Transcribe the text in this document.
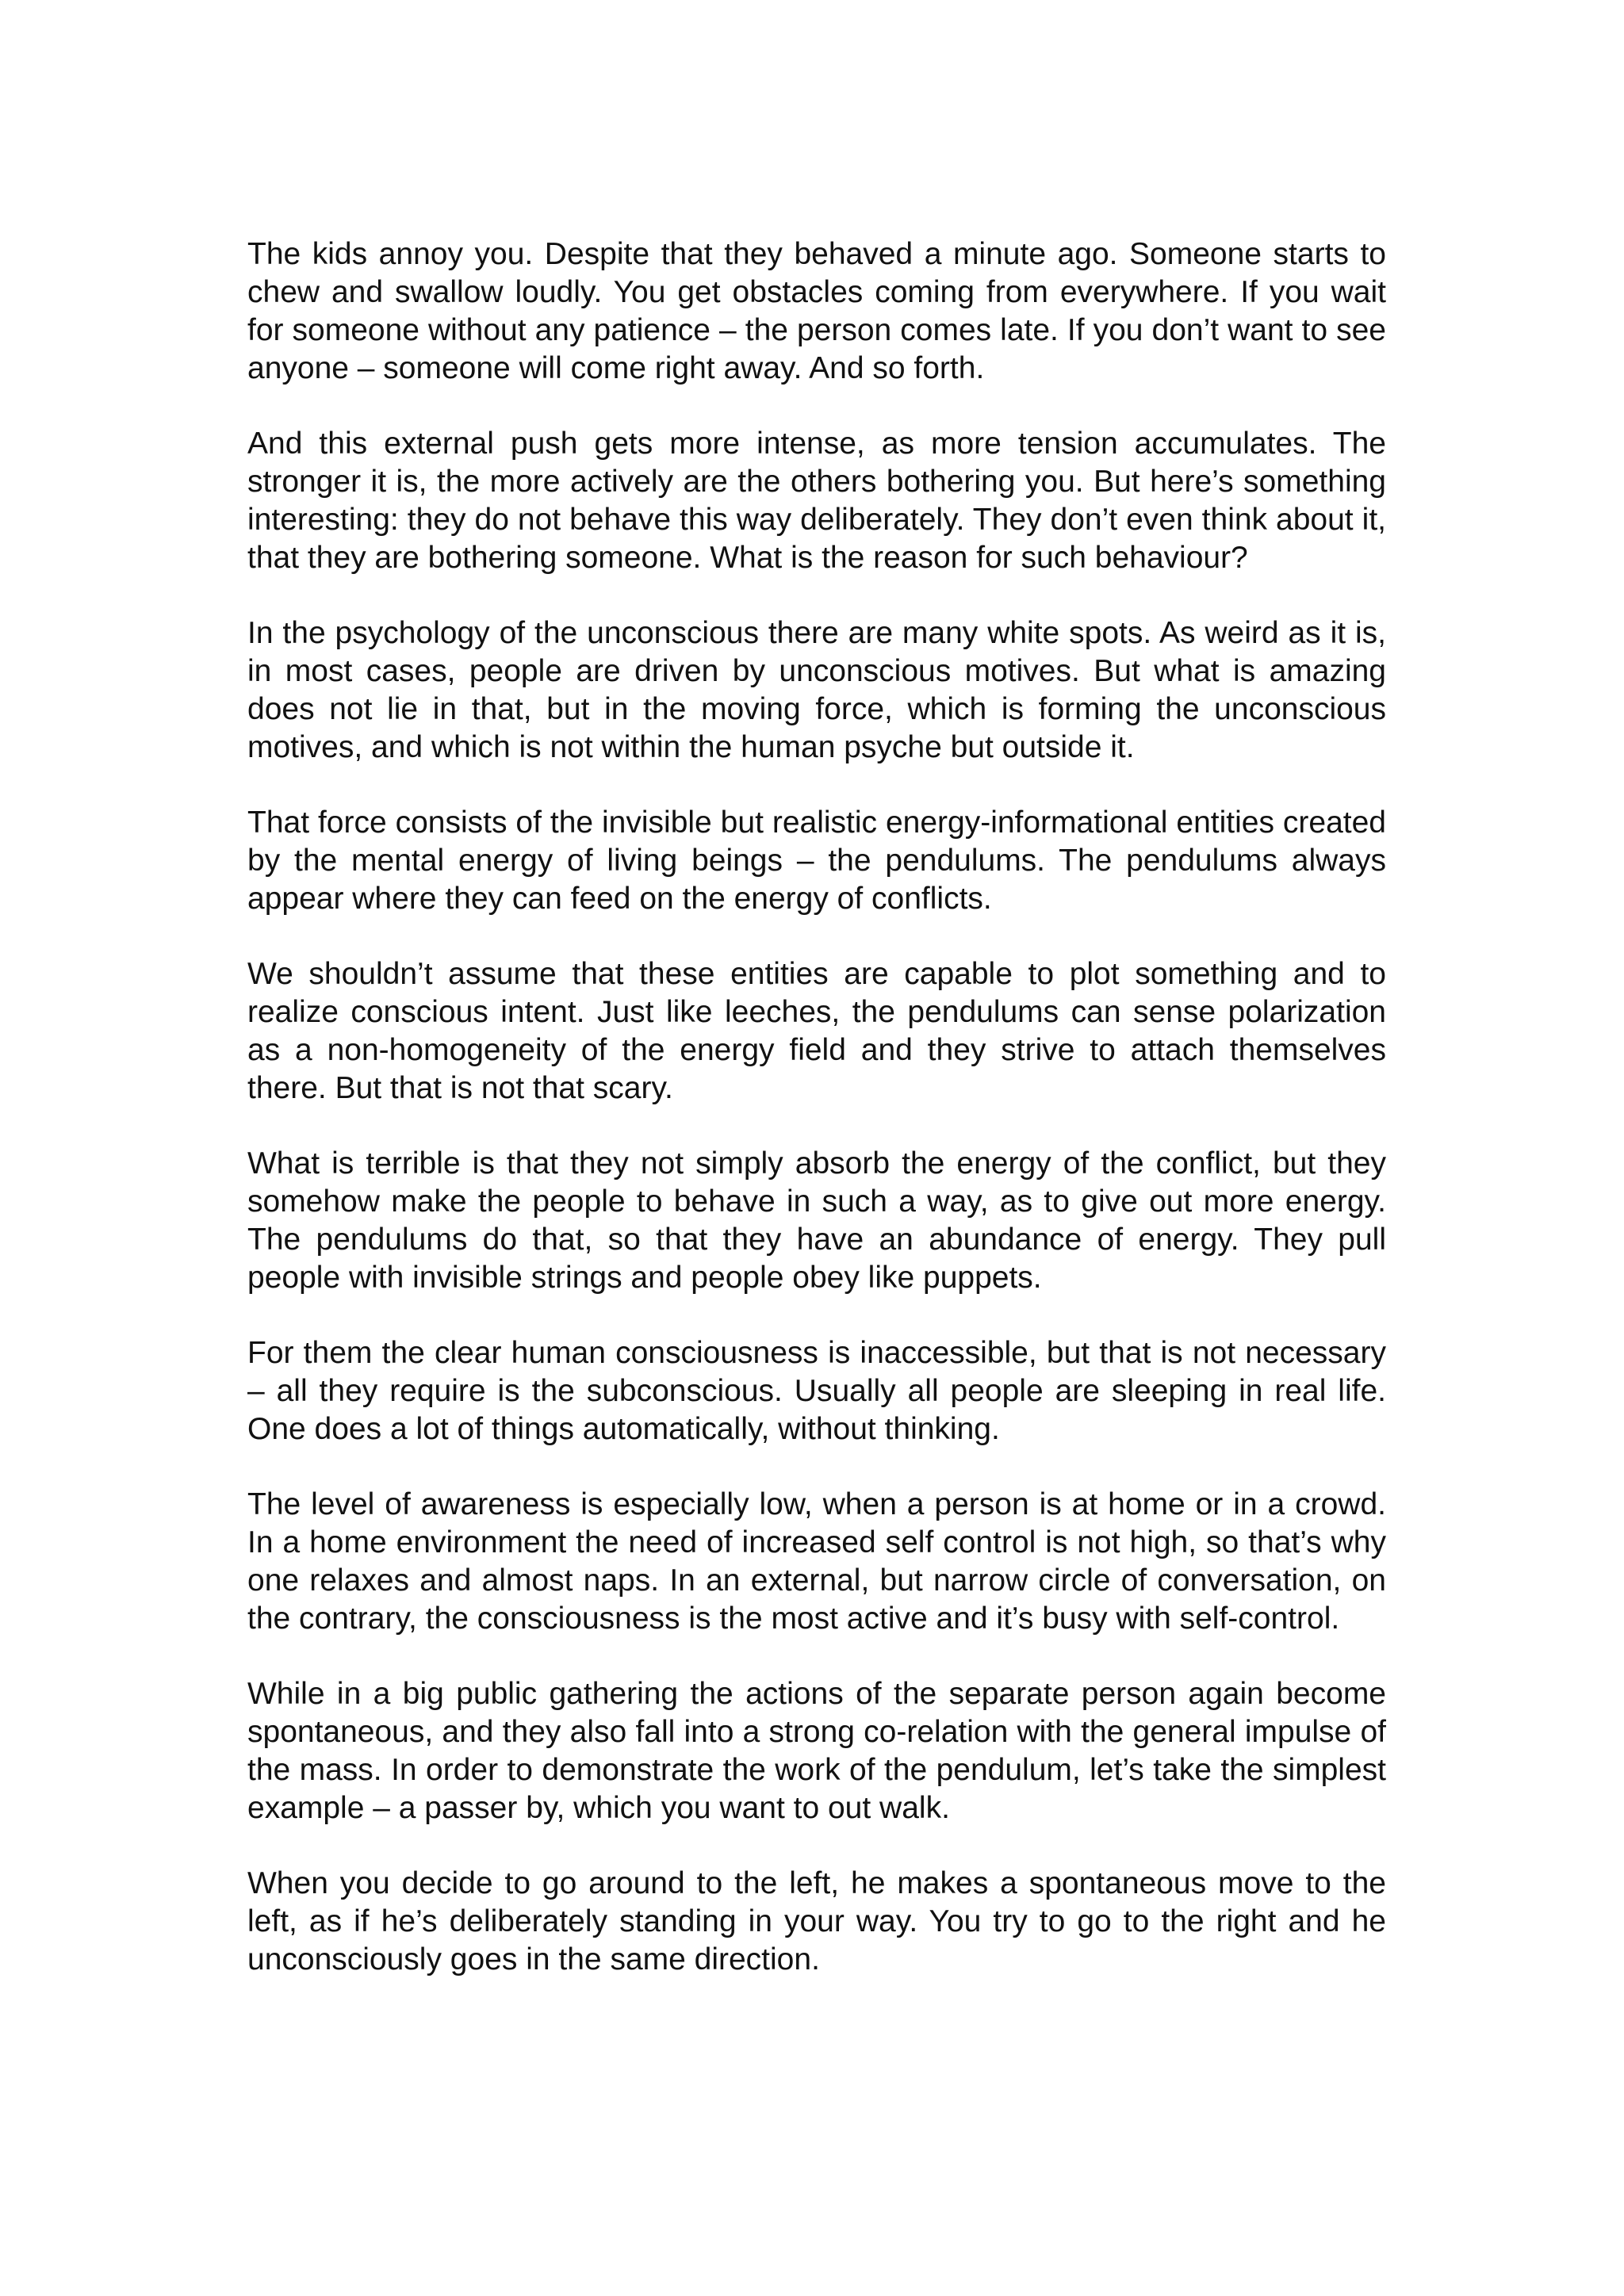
The kids annoy you. Despite that they behaved a minute ago. Someone starts to chew and swallow loudly. You get obstacles coming from everywhere. If you wait for someone without any patience – the person comes late. If you don’t want to see anyone – someone will come right away. And so forth.

And this external push gets more intense, as more tension accumulates. The stronger it is, the more actively are the others bothering you. But here’s something interesting: they do not behave this way deliberately. They don’t even think about it, that they are bothering someone. What is the reason for such behaviour?

In the psychology of the unconscious there are many white spots. As weird as it is, in most cases, people are driven by unconscious motives. But what is amazing does not lie in that, but in the moving force, which is forming the unconscious motives, and which is not within the human psyche but outside it.

That force consists of the invisible but realistic energy-informational entities created by the mental energy of living beings – the pendulums. The pendulums always appear where they can feed on the energy of conflicts.

We shouldn’t assume that these entities are capable to plot something and to realize conscious intent. Just like leeches, the pendulums can sense polarization as a non-homogeneity of the energy field and they strive to attach themselves there. But that is not that scary.

What is terrible is that they not simply absorb the energy of the conflict, but they somehow make the people to behave in such a way, as to give out more energy. The pendulums do that, so that they have an abundance of energy. They pull people with invisible strings and people obey like puppets.

For them the clear human consciousness is inaccessible, but that is not necessary – all they require is the subconscious. Usually all people are sleeping in real life. One does a lot of things automatically, without thinking.

The level of awareness is especially low, when a person is at home or in a crowd. In a home environment the need of increased self control is not high, so that’s why one relaxes and almost naps. In an external, but narrow circle of conversation, on the contrary, the consciousness is the most active and it’s busy with self-control.

While in a big public gathering the actions of the separate person again become spontaneous, and they also fall into a strong co-relation with the general impulse of the mass. In order to demonstrate the work of the pendulum, let’s take the simplest example – a passer by, which you want to out walk.

When you decide to go around to the left, he makes a spontaneous move to the left, as if he’s deliberately standing in your way. You try to go to the right and he unconsciously goes in the same direction.
